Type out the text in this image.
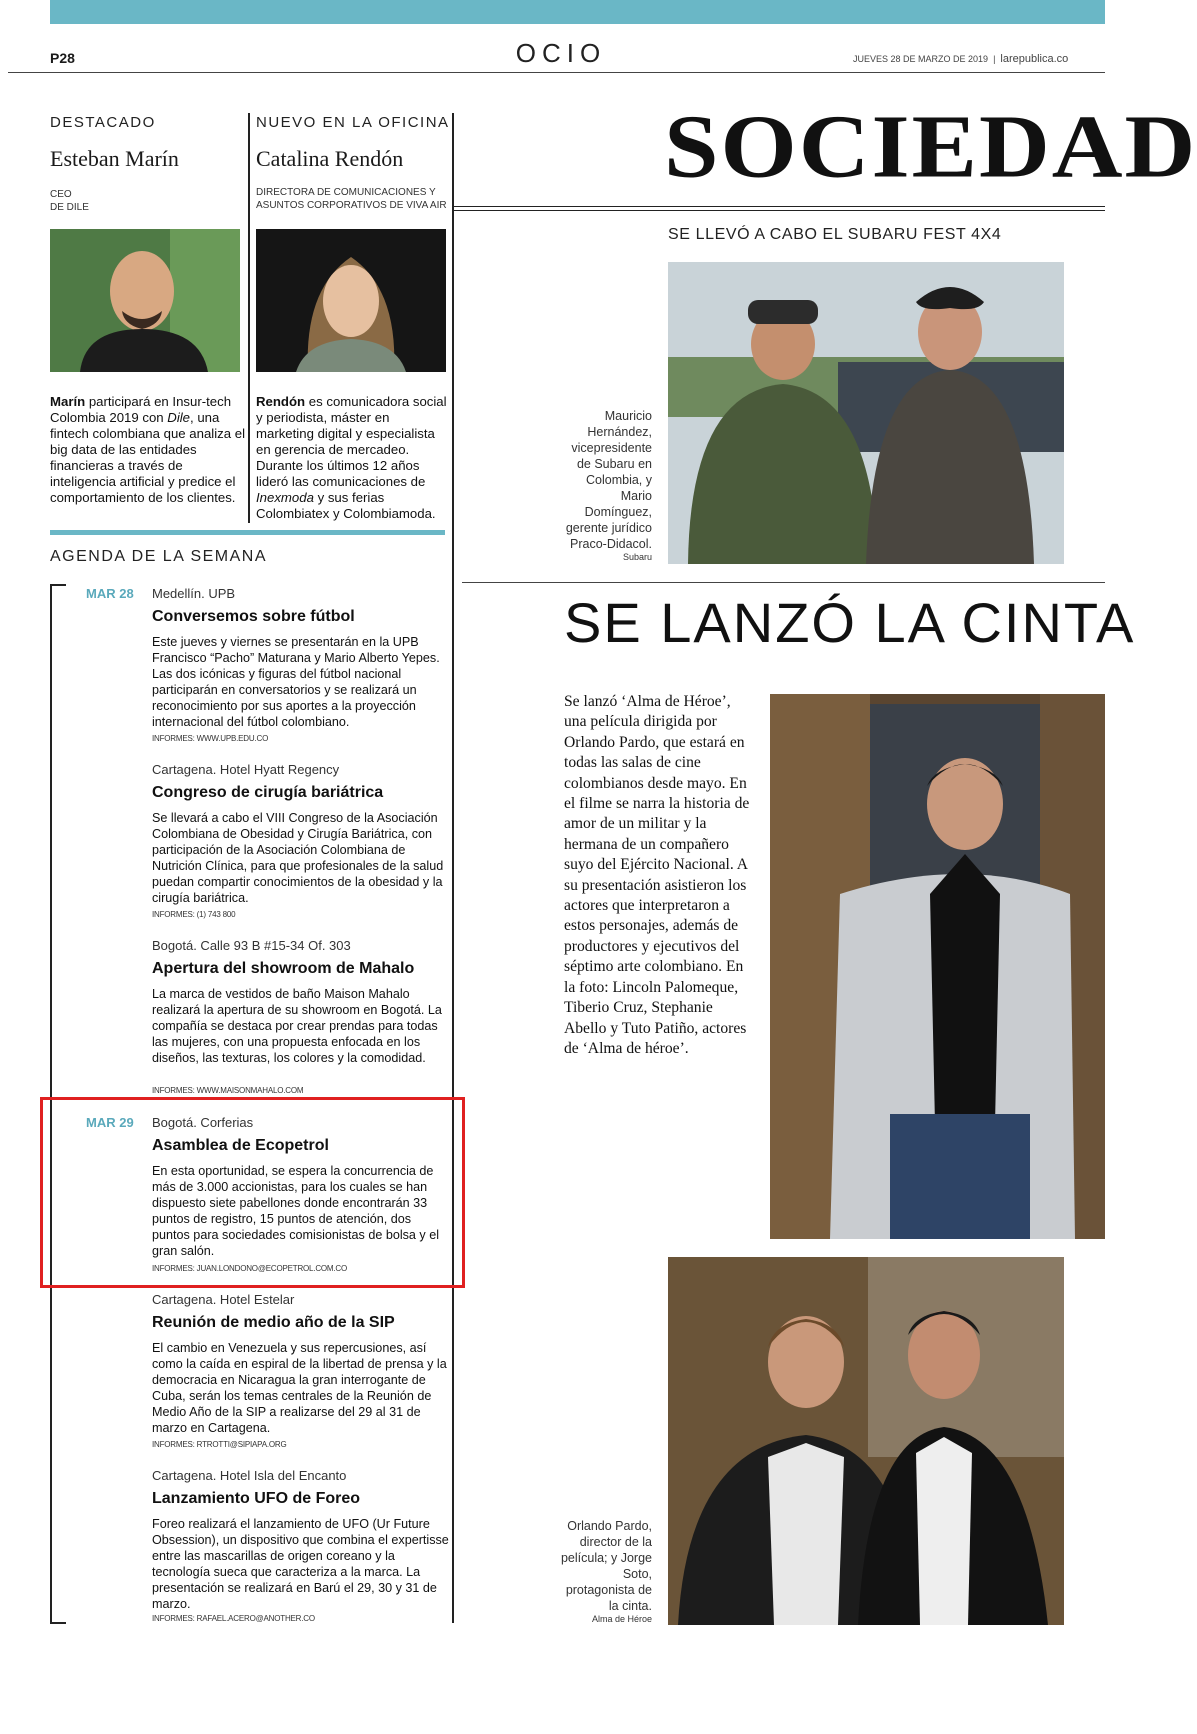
P28	OCIO	JUEVES 28 DE MARZO DE 2019  |  larepublica.co
DESTACADO
Esteban Marín
CEO
DE DILE
Marín participará en Insur-tech Colombia 2019 con Dile, una fintech colombiana que analiza el big data de las entidades financieras a través de inteligencia artificial y predice el comportamiento de los clientes.
NUEVO EN LA OFICINA
Catalina Rendón
DIRECTORA DE COMUNICACIONES Y
ASUNTOS CORPORATIVOS DE VIVA AIR
Rendón es comunicadora social y periodista, máster en marketing digital y especialista en gerencia de mercadeo. Durante los últimos 12 años lideró las comunicaciones de Inexmoda y sus ferias Colombiatex y Colombiamoda.
AGENDA DE LA SEMANA
MAR 28 Medellín. UPB
Conversemos sobre fútbol
Este jueves y viernes se presentarán en la UPB Francisco “Pacho” Maturana y Mario Alberto Yepes. Las dos icónicas y figuras del fútbol nacional participarán en conversatorios y se realizará un reconocimiento por sus aportes a la proyección internacional del fútbol colombiano.
INFORMES: WWW.UPB.EDU.CO
Cartagena. Hotel Hyatt Regency
Congreso de cirugía bariátrica
Se llevará a cabo el VIII Congreso de la Asociación Colombiana de Obesidad y Cirugía Bariátrica, con participación de la Asociación Colombiana de Nutrición Clínica, para que profesionales de la salud puedan compartir conocimientos de la obesidad y la cirugía bariátrica.
INFORMES: (1) 743 800
Bogotá. Calle 93 B #15-34 Of. 303
Apertura del showroom de Mahalo
La marca de vestidos de baño Maison Mahalo realizará la apertura de su showroom en Bogotá. La compañía se destaca por crear prendas para todas las mujeres, con una propuesta enfocada en los diseños, las texturas, los colores y la comodidad.
INFORMES: WWW.MAISONMAHALO.COM
MAR 29 Bogotá. Corferias
Asamblea de Ecopetrol
En esta oportunidad, se espera la concurrencia de más de 3.000 accionistas, para los cuales se han dispuesto siete pabellones donde encontrarán 33 puntos de registro, 15 puntos de atención, dos puntos para sociedades comisionistas de bolsa y el gran salón.
INFORMES: JUAN.LONDONO@ECOPETROL.COM.CO
Cartagena. Hotel Estelar
Reunión de medio año de la SIP
El cambio en Venezuela y sus repercusiones, así como la caída en espiral de la libertad de prensa y la democracia en Nicaragua la gran interrogante de Cuba, serán los temas centrales de la Reunión de Medio Año de la SIP a realizarse del 29 al 31 de marzo en Cartagena.
INFORMES: RTROTTI@SIPIAPA.ORG
Cartagena. Hotel Isla del Encanto
Lanzamiento UFO de Foreo
Foreo realizará el lanzamiento de UFO (Ur Future Obsession), un dispositivo que combina el expertisse entre las mascarillas de origen coreano y la tecnología sueca que caracteriza a la marca. La presentación se realizará en Barú el 29, 30 y 31 de marzo.
INFORMES: RAFAEL.ACERO@ANOTHER.CO
SOCIEDAD
SE LLEVÓ A CABO EL SUBARU FEST 4X4
Mauricio Hernández, vicepresidente de Subaru en Colombia, y Mario Domínguez, gerente jurídico Praco-Didacol.
Subaru
SE LANZÓ LA CINTA
Se lanzó ‘Alma de Héroe’, una película dirigida por Orlando Pardo, que estará en todas las salas de cine colombianos desde mayo. En el filme se narra la historia de amor de un militar y la hermana de un compañero suyo del Ejército Nacional. A su presentación asistieron los actores que interpretaron a estos personajes, además de productores y ejecutivos del séptimo arte colombiano. En la foto: Lincoln Palomeque, Tiberio Cruz, Stephanie Abello y Tuto Patiño, actores de ‘Alma de héroe’.
Orlando Pardo, director de la película; y Jorge Soto, protagonista de la cinta.
Alma de Héroe
